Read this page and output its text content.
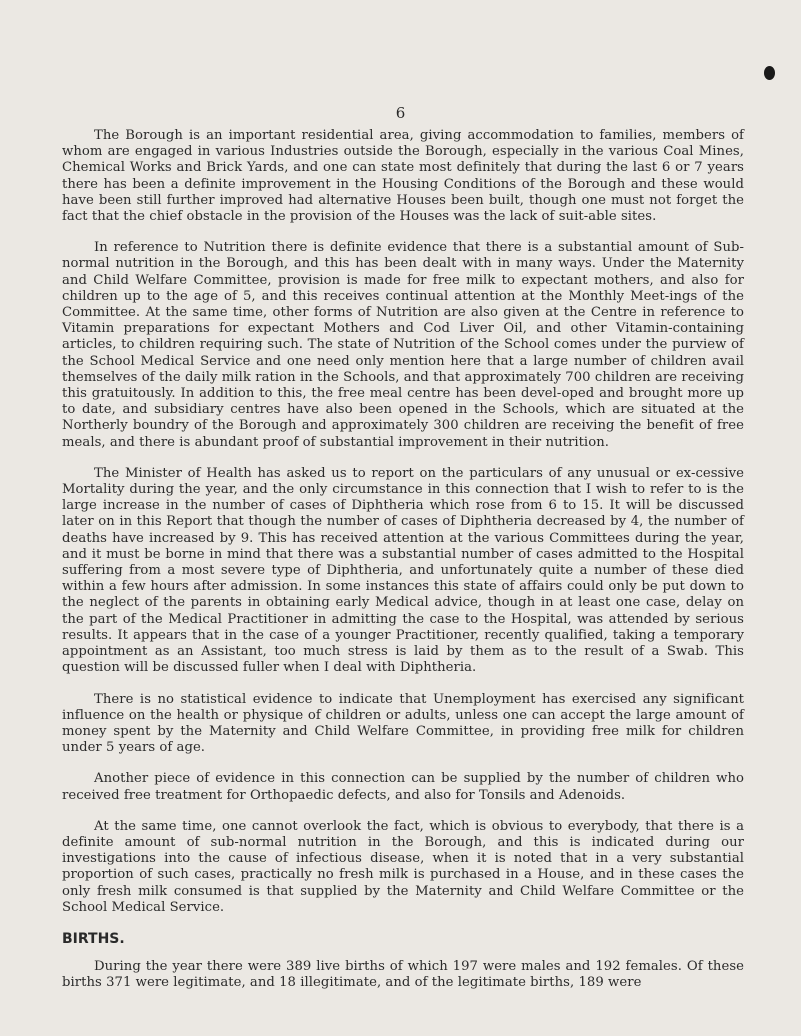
6

The Borough is an important residential area, giving accommodation to families, members of whom are engaged in various Industries outside the Borough, especially in the various Coal Mines, Chemical Works and Brick Yards, and one can state most definitely that during the last 6 or 7 years there has been a definite improvement in the Housing Conditions of the Borough and these would have been still further improved had alternative Houses been built, though one must not forget the fact that the chief obstacle in the provision of the Houses was the lack of suit-able sites.

In reference to Nutrition there is definite evidence that there is a substantial amount of Sub-normal nutrition in the Borough, and this has been dealt with in many ways. Under the Maternity and Child Welfare Committee, provision is made for free milk to expectant mothers, and also for children up to the age of 5, and this receives continual attention at the Monthly Meet-ings of the Committee. At the same time, other forms of Nutrition are also given at the Centre in reference to Vitamin preparations for expectant Mothers and Cod Liver Oil, and other Vitamin-containing articles, to children requiring such. The state of Nutrition of the School comes under the purview of the School Medical Service and one need only mention here that a large number of children avail themselves of the daily milk ration in the Schools, and that approximately 700 children are receiving this gratuitously. In addition to this, the free meal centre has been devel-oped and brought more up to date, and subsidiary centres have also been opened in the Schools, which are situated at the Northerly boundry of the Borough and approximately 300 children are receiving the benefit of free meals, and there is abundant proof of substantial improvement in their nutrition.

The Minister of Health has asked us to report on the particulars of any unusual or ex-cessive Mortality during the year, and the only circumstance in this connection that I wish to refer to is the large increase in the number of cases of Diphtheria which rose from 6 to 15. It will be discussed later on in this Report that though the number of cases of Diphtheria decreased by 4, the number of deaths have increased by 9. This has received attention at the various Committees during the year, and it must be borne in mind that there was a substantial number of cases admitted to the Hospital suffering from a most severe type of Diphtheria, and unfortunately quite a number of these died within a few hours after admission. In some instances this state of affairs could only be put down to the neglect of the parents in obtaining early Medical advice, though in at least one case, delay on the part of the Medical Practitioner in admitting the case to the Hospital, was attended by serious results. It appears that in the case of a younger Practitioner, recently qualified, taking a temporary appointment as an Assistant, too much stress is laid by them as to the result of a Swab. This question will be discussed fuller when I deal with Diphtheria.

There is no statistical evidence to indicate that Unemployment has exercised any significant influence on the health or physique of children or adults, unless one can accept the large amount of money spent by the Maternity and Child Welfare Committee, in providing free milk for children under 5 years of age.

Another piece of evidence in this connection can be supplied by the number of children who received free treatment for Orthopaedic defects, and also for Tonsils and Adenoids.

At the same time, one cannot overlook the fact, which is obvious to everybody, that there is a definite amount of sub-normal nutrition in the Borough, and this is indicated during our investigations into the cause of infectious disease, when it is noted that in a very substantial proportion of such cases, practically no fresh milk is purchased in a House, and in these cases the only fresh milk consumed is that supplied by the Maternity and Child Welfare Committee or the School Medical Service.

BIRTHS.

During the year there were 389 live births of which 197 were males and 192 females. Of these births 371 were legitimate, and 18 illegitimate, and of the legitimate births, 189 were
